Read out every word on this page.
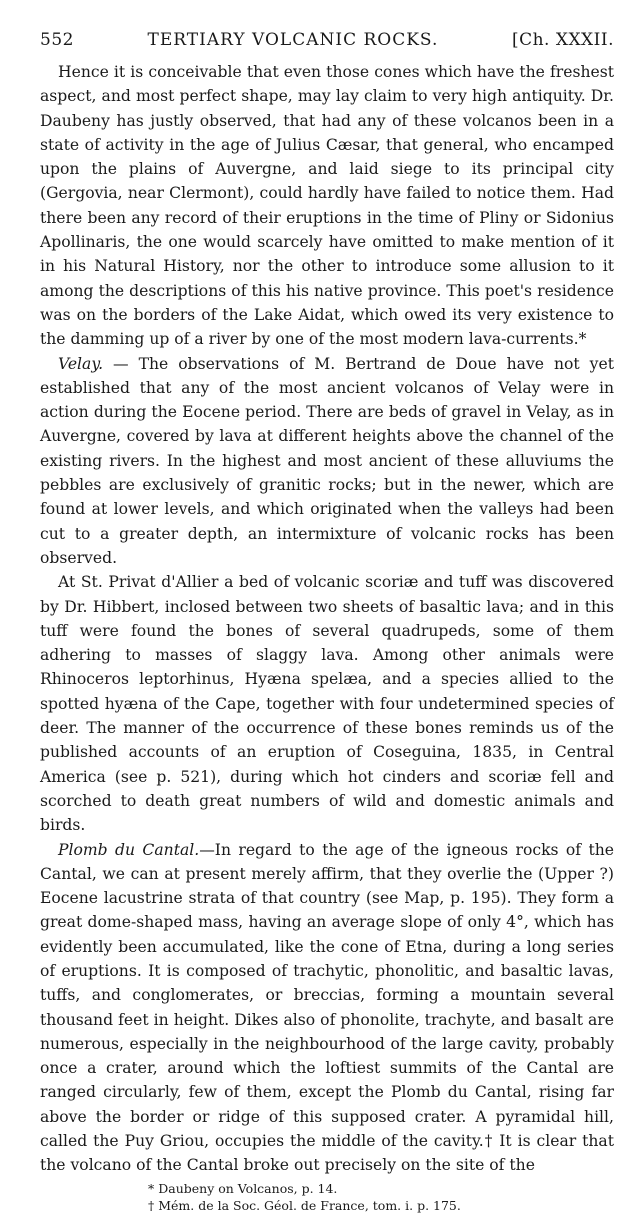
552	TERTIARY VOLCANIC ROCKS.	[Ch. XXXII.

Hence it is conceivable that even those cones which have the freshest aspect, and most perfect shape, may lay claim to very high antiquity. Dr. Daubeny has justly observed, that had any of these volcanos been in a state of activity in the age of Julius Cæsar, that general, who encamped upon the plains of Auvergne, and laid siege to its principal city (Gergovia, near Clermont), could hardly have failed to notice them. Had there been any record of their eruptions in the time of Pliny or Sidonius Apollinaris, the one would scarcely have omitted to make mention of it in his Natural History, nor the other to introduce some allusion to it among the descriptions of this his native province. This poet's residence was on the borders of the Lake Aidat, which owed its very existence to the damming up of a river by one of the most modern lava-currents.*

Velay. — The observations of M. Bertrand de Doue have not yet established that any of the most ancient volcanos of Velay were in action during the Eocene period. There are beds of gravel in Velay, as in Auvergne, covered by lava at different heights above the channel of the existing rivers. In the highest and most ancient of these alluviums the pebbles are exclusively of granitic rocks; but in the newer, which are found at lower levels, and which originated when the valleys had been cut to a greater depth, an intermixture of volcanic rocks has been observed.

At St. Privat d'Allier a bed of volcanic scoriæ and tuff was discovered by Dr. Hibbert, inclosed between two sheets of basaltic lava; and in this tuff were found the bones of several quadrupeds, some of them adhering to masses of slaggy lava. Among other animals were Rhinoceros leptorhinus, Hyæna spelæa, and a species allied to the spotted hyæna of the Cape, together with four undetermined species of deer. The manner of the occurrence of these bones reminds us of the published accounts of an eruption of Coseguina, 1835, in Central America (see p. 521), during which hot cinders and scoriæ fell and scorched to death great numbers of wild and domestic animals and birds.

Plomb du Cantal.—In regard to the age of the igneous rocks of the Cantal, we can at present merely affirm, that they overlie the (Upper ?) Eocene lacustrine strata of that country (see Map, p. 195). They form a great dome-shaped mass, having an average slope of only 4°, which has evidently been accumulated, like the cone of Etna, during a long series of eruptions. It is composed of trachytic, phonolitic, and basaltic lavas, tuffs, and conglomerates, or breccias, forming a mountain several thousand feet in height. Dikes also of phonolite, trachyte, and basalt are numerous, especially in the neighbourhood of the large cavity, probably once a crater, around which the loftiest summits of the Cantal are ranged circularly, few of them, except the Plomb du Cantal, rising far above the border or ridge of this supposed crater. A pyramidal hill, called the Puy Griou, occupies the middle of the cavity.† It is clear that the volcano of the Cantal broke out precisely on the site of the

* Daubeny on Volcanos, p. 14.
† Mém. de la Soc. Géol. de France, tom. i. p. 175.
